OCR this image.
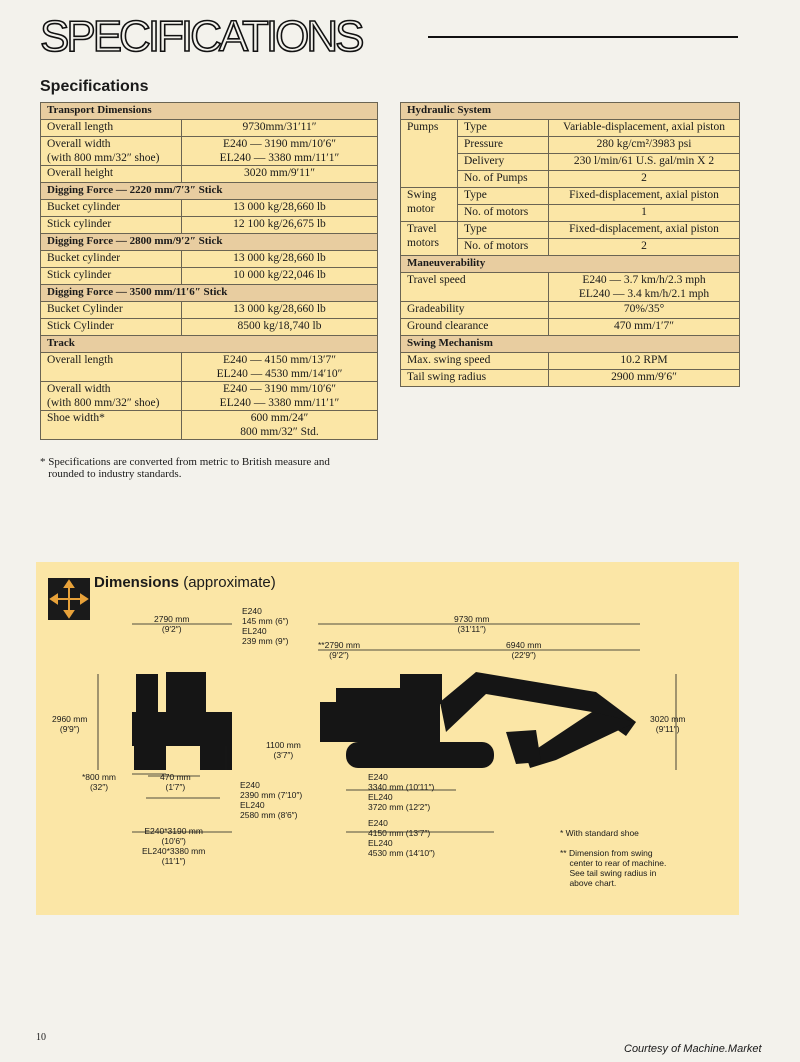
SPECIFICATIONS
Specifications
Transport Dimensions	
Overall length	9730mm/31′11″
Overall width
(with 800 mm/32″ shoe)	E240 — 3190 mm/10′6″
EL240 — 3380 mm/11′1″
Overall height	3020 mm/9′11″
Digging Force — 2220 mm/7′3″ Stick	
Bucket cylinder	13 000 kg/28,660 lb
Stick cylinder	12 100 kg/26,675 lb
Digging Force — 2800 mm/9′2″ Stick	
Bucket cylinder	13 000 kg/28,660 lb
Stick cylinder	10 000 kg/22,046 lb
Digging Force — 3500 mm/11′6″ Stick	
Bucket Cylinder	13 000 kg/28,660 lb
Stick Cylinder	8500 kg/18,740 lb
Track	
Overall length	E240 — 4150 mm/13′7″
EL240 — 4530 mm/14′10″
Overall width
(with 800 mm/32″ shoe)	E240 — 3190 mm/10′6″
EL240 — 3380 mm/11′1″
Shoe width*	600 mm/24″
800 mm/32″ Std.
Hydraulic System		
Pumps	Type	Variable-displacement, axial piston
	Pressure	280 kg/cm²/3983 psi
	Delivery	230 l/min/61 U.S. gal/min X 2
	No. of Pumps	2
Swing
motor	Type	Fixed-displacement, axial piston
	No. of motors	1
Travel
motors	Type	Fixed-displacement, axial piston
	No. of motors	2
Maneuverability		
Travel speed		E240 — 3.7 km/h/2.3 mph
EL240 — 3.4 km/h/2.1 mph
Gradeability		70%/35°
Ground clearance		470 mm/1′7″
Swing Mechanism		
Max. swing speed		10.2 RPM
Tail swing radius		2900 mm/9′6″
* Specifications are converted from metric to British measure and
rounded to industry standards.
Dimensions (approximate)
2790 mm
(9′2″)
E240
145 mm (6″)
EL240
239 mm (9″)
9730 mm
(31′11″)
**2790 mm
(9′2″)
6940 mm
(22′9″)
2960 mm
(9′9″)
3020 mm
(9′11″)
1100 mm
(3′7″)
*800 mm
(32″)
470 mm
(1′7″)	E240
2390 mm (7′10″)
EL240
2580 mm (8′6″)
E240
3340 mm (10′11″)
EL240
3720 mm (12′2″)
E240
4150 mm (13′7″)
EL240
4530 mm (14′10″)
E240*3190 mm
(10′6″)
EL240*3380 mm
(11′1″)
* With standard shoe
** Dimension from swing
center to rear of machine.
See tail swing radius in
above chart.
10
Courtesy of Machine.Market
